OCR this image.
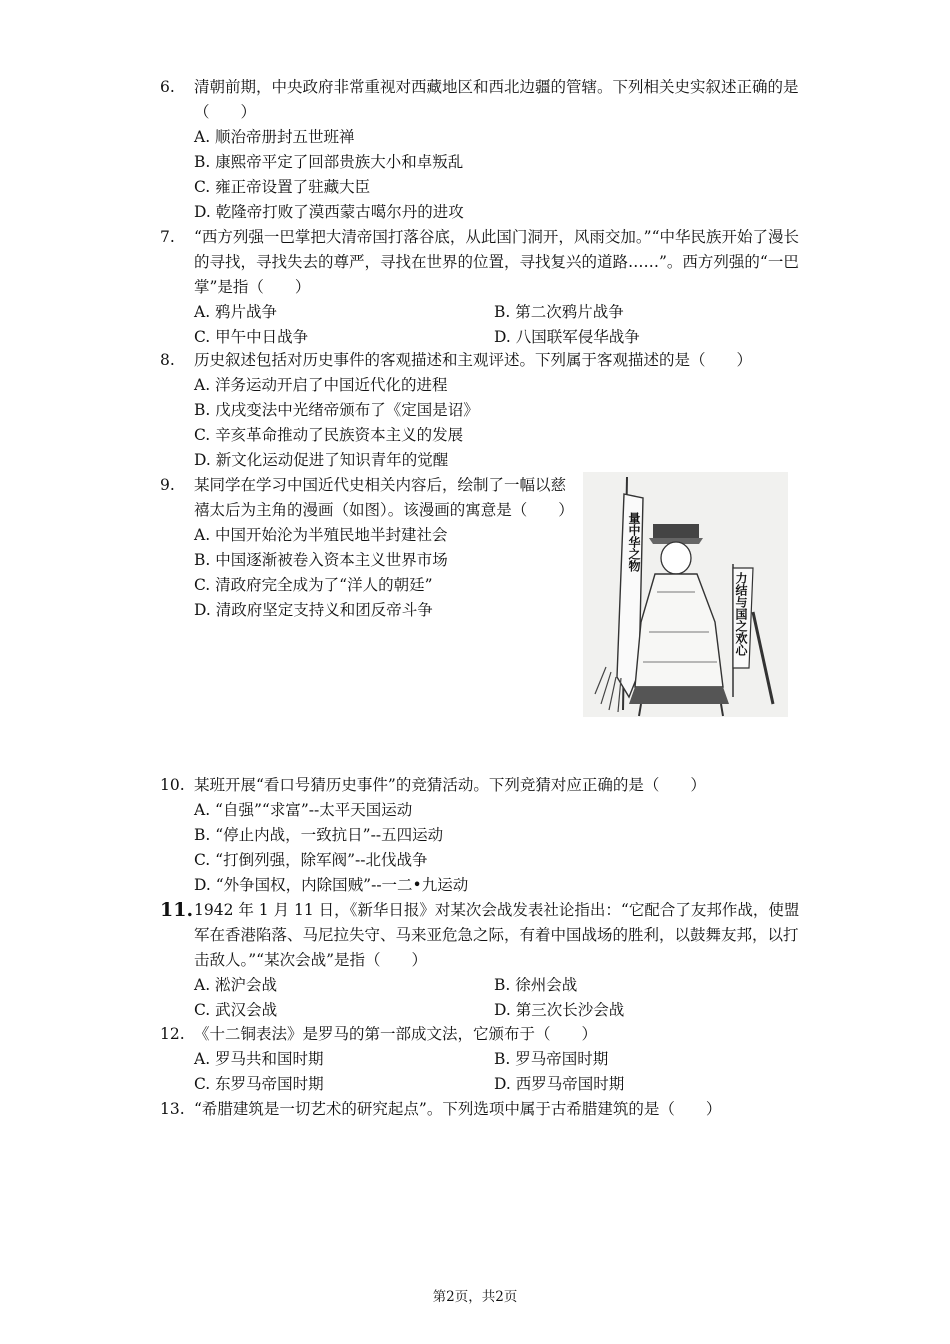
6.	清朝前期，中央政府非常重视对西藏地区和西北边疆的管辖。下列相关史实叙述正确的是（　　）
A. 顺治帝册封五世班禅
B. 康熙帝平定了回部贵族大小和卓叛乱
C. 雍正帝设置了驻藏大臣
D. 乾隆帝打败了漠西蒙古噶尔丹的进攻
7.	“西方列强一巴掌把大清帝国打落谷底，从此国门洞开，风雨交加。”“中华民族开始了漫长的寻找，寻找失去的尊严，寻找在世界的位置，寻找复兴的道路……”。西方列强的“一巴掌”是指（　　）
A. 鸦片战争	B. 第二次鸦片战争
C. 甲午中日战争	D. 八国联军侵华战争
8.	历史叙述包括对历史事件的客观描述和主观评述。下列属于客观描述的是（　　）
A. 洋务运动开启了中国近代化的进程
B. 戊戌变法中光绪帝颁布了《定国是诏》
C. 辛亥革命推动了民族资本主义的发展
D. 新文化运动促进了知识青年的觉醒
9.	某同学在学习中国近代史相关内容后，绘制了一幅以慈禧太后为主角的漫画（如图）。该漫画的寓意是（　　）
A. 中国开始沦为半殖民地半封建社会
B. 中国逐渐被卷入资本主义世界市场
C. 清政府完全成为了“洋人的朝廷”
D. 清政府坚定支持义和团反帝斗争
量中华之物
力结与国之欢心
10. 某班开展“看口号猜历史事件”的竞猜活动。下列竞猜对应正确的是（　　）
A. “自强”“求富”--太平天国运动
B. “停止内战，一致抗日”--五四运动
C. “打倒列强，除军阀”--北伐战争
D. “外争国权，内除国贼”--一二•九运动
11. 1942 年 1 月 11 日，《新华日报》对某次会战发表社论指出：“它配合了友邦作战，使盟军在香港陷落、马尼拉失守、马来亚危急之际，有着中国战场的胜利，以鼓舞友邦，以打击敌人。”“某次会战”是指（　　）
A. 淞沪会战	B. 徐州会战
C. 武汉会战	D. 第三次长沙会战
12. 《十二铜表法》是罗马的第一部成文法，它颁布于（　　）
A. 罗马共和国时期	B. 罗马帝国时期
C. 东罗马帝国时期	D. 西罗马帝国时期
13. “希腊建筑是一切艺术的研究起点”。下列选项中属于古希腊建筑的是（　　）
第2页，共2页
